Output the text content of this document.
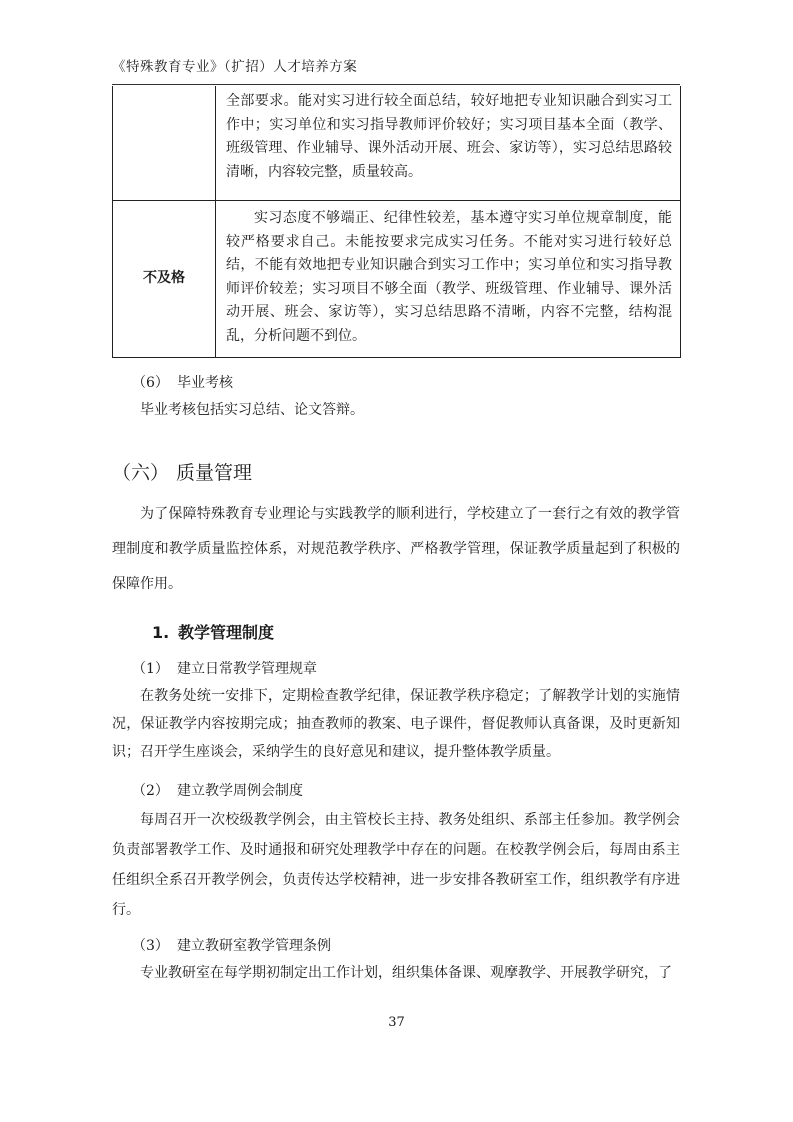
《特殊教育专业》（扩招）人才培养方案
	全部要求。能对实习进行较全面总结，较好地把专业知识融合到实习工作中；实习单位和实习指导教师评价较好；实习项目基本全面（教学、班级管理、作业辅导、课外活动开展、班会、家访等），实习总结思路较清晰，内容较完整，质量较高。
不及格	实习态度不够端正、纪律性较差，基本遵守实习单位规章制度，能较严格要求自己。未能按要求完成实习任务。不能对实习进行较好总结，不能有效地把专业知识融合到实习工作中；实习单位和实习指导教师评价较差；实习项目不够全面（教学、班级管理、作业辅导、课外活动开展、班会、家访等），实习总结思路不清晰，内容不完整，结构混乱，分析问题不到位。
（6） 毕业考核
毕业考核包括实习总结、论文答辩。
（六） 质量管理
为了保障特殊教育专业理论与实践教学的顺利进行，学校建立了一套行之有效的教学管理制度和教学质量监控体系，对规范教学秩序、严格教学管理，保证教学质量起到了积极的保障作用。
1. 教学管理制度
（1） 建立日常教学管理规章
在教务处统一安排下，定期检查教学纪律，保证教学秩序稳定；了解教学计划的实施情况，保证教学内容按期完成；抽查教师的教案、电子课件，督促教师认真备课，及时更新知识；召开学生座谈会，采纳学生的良好意见和建议，提升整体教学质量。
（2） 建立教学周例会制度
每周召开一次校级教学例会，由主管校长主持、教务处组织、系部主任参加。教学例会负责部署教学工作、及时通报和研究处理教学中存在的问题。在校教学例会后，每周由系主任组织全系召开教学例会，负责传达学校精神，进一步安排各教研室工作，组织教学有序进行。
（3） 建立教研室教学管理条例
专业教研室在每学期初制定出工作计划，组织集体备课、观摩教学、开展教学研究，了
37
